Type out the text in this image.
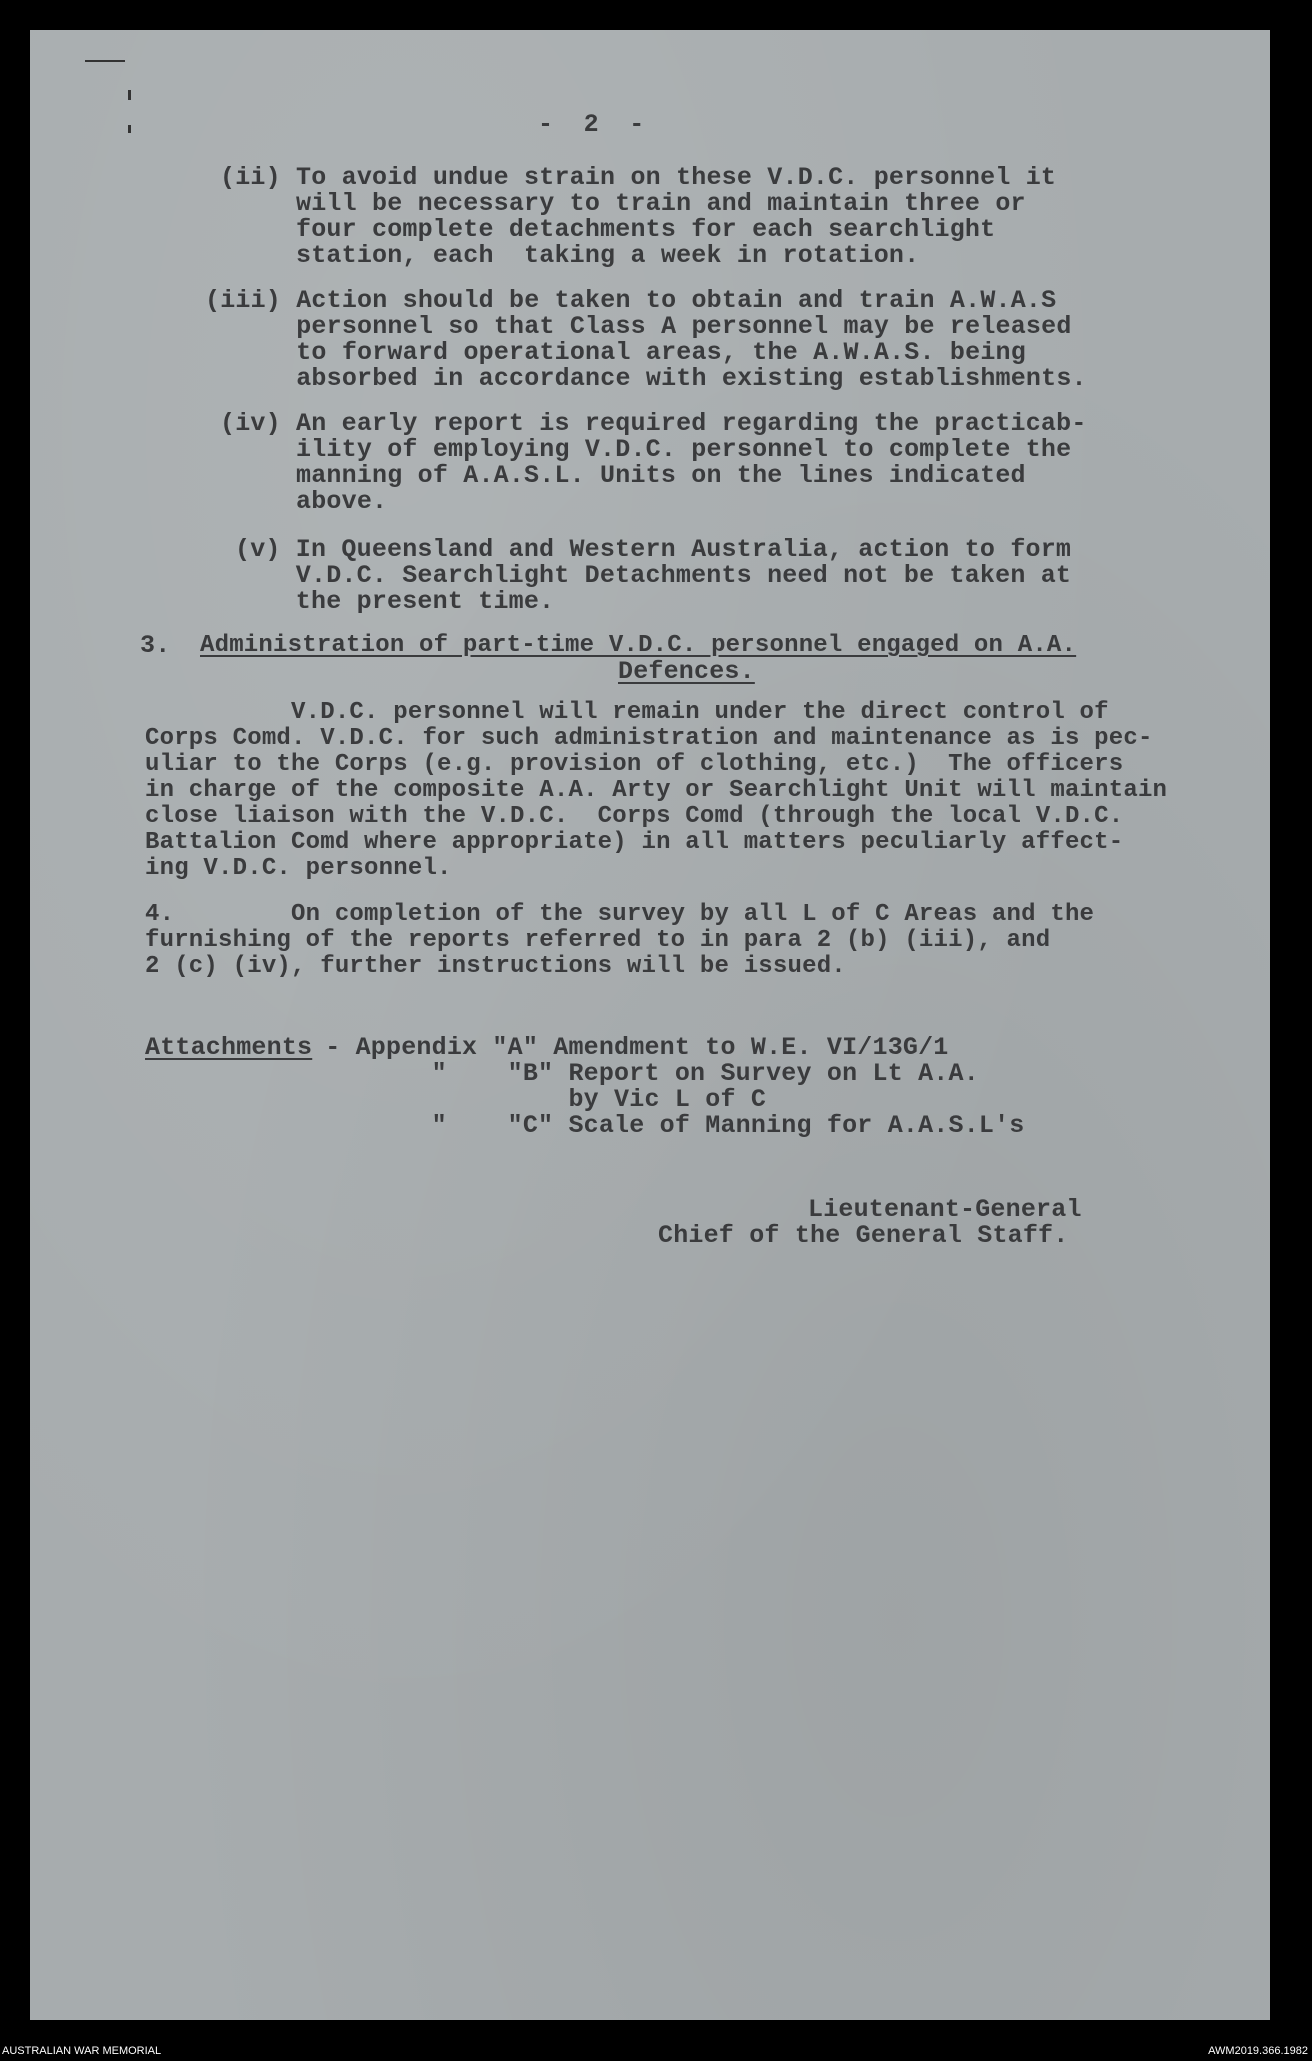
-  2  -
(ii) To avoid undue strain on these V.D.C. personnel it
will be necessary to train and maintain three or
four complete detachments for each searchlight
station, each  taking a week in rotation.
(iii) Action should be taken to obtain and train A.W.A.S
personnel so that Class A personnel may be released
to forward operational areas, the A.W.A.S. being
absorbed in accordance with existing establishments.
(iv) An early report is required regarding the practicab-
ility of employing V.D.C. personnel to complete the
manning of A.A.S.L. Units on the lines indicated
above.
(v) In Queensland and Western Australia, action to form
V.D.C. Searchlight Detachments need not be taken at
the present time.
3. Administration of part-time V.D.C. personnel engaged on A.A.
Defences.
V.D.C. personnel will remain under the direct control of
Corps Comd. V.D.C. for such administration and maintenance as is pec-
uliar to the Corps (e.g. provision of clothing, etc.)  The officers
in charge of the composite A.A. Arty or Searchlight Unit will maintain
close liaison with the V.D.C.  Corps Comd (through the local V.D.C.
Battalion Comd where appropriate) in all matters peculiarly affect-
ing V.D.C. personnel.
4.        On completion of the survey by all L of C Areas and the
furnishing of the reports referred to in para 2 (b) (iii), and
2 (c) (iv), further instructions will be issued.
Attachments
- Appendix "A" Amendment to W.E. VI/13G/1
"    "B" Report on Survey on Lt A.A.
by Vic L of C
"    "C" Scale of Manning for A.A.S.L's
Lieutenant-General
Chief of the General Staff.
AUSTRALIAN WAR MEMORIAL	AWM2019.366.1982
